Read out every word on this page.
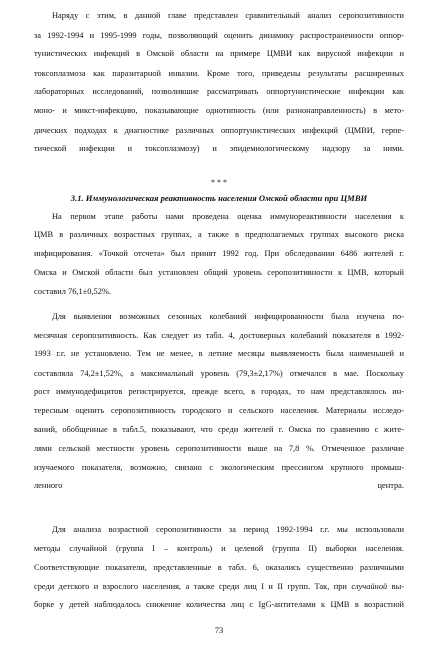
Наряду с этим, в данной главе представлен сравнительный анализ серопозитивности
за 1992-1994 и 1995-1999 годы, позволяющий оценить динамику распространенности оппор-
тунистических инфекций в Омской области на примере ЦМВИ как вирусной инфекции и
токсоплазмоза как паразитарной инвазии. Кроме того, приведены результаты расширенных
лабораторных исследований, позволившие рассматривать оппортунистические инфекции как
моно- и микст-инфекцию, показывающие однотипность (или разнонаправленность) в мето-
дических подходах к диагностике различных оппортунистических инфекций (ЦМВИ, герпе-
тической инфекции и токсоплазмозу) и эпидемиологическому надзору за ними.
* * *
3.1. Иммунологическая реактивность населения Омской области при ЦМВИ
На первом этапе работы нами проведена оценка иммунореактивности населения к
ЦМВ в различных возрастных группах, а также в предполагаемых группах высокого риска
инфицирования. «Точкой отсчета» был принят 1992 год. При обследовании 6486 жителей г.
Омска и Омской области был установлен общий уровень серопозитивности к ЦМВ, который
составил 76,1±0,52%.
Для выявления возможных сезонных колебаний инфицированности была изучена по-
месячная серопозитивность. Как следует из табл. 4, достоверных колебаний показателя в 1992-
1993 г.г. не установлено. Тем не менее, в летние месяцы выявляемость была наименьшей и
составляла 74,2±1,52%, а максимальный уровень (79,3±2,17%) отмечался в мае. Поскольку
рост иммунодефицитов регистрируется, прежде всего, в городах, то нам представлялось ин-
тересным оценить серопозитивность городского и сельского населения. Материалы исследо-
ваний, обобщенные в табл.5, показывают, что среди жителей г. Омска по сравнению с жите-
лями сельской местности уровень серопозитивности выше на 7,8 %. Отмеченное различие
изучаемого показателя, возможно, связано с экологическим прессингом крупного промыш-
ленного центра.
Для анализа возрастной серопозитивности за период 1992-1994 г.г. мы использовали
методы случайной (группа I – контроль) и целевой (группа II) выборки населения.
Соответствующие показатели, представленные в табл. 6, оказались существенно различными
среди детского и взрослого населения, а также среди лиц I и II групп. Так, при случайной вы-
борке у детей наблюдалось снижение количества лиц с IgG-антителами к ЦМВ в возрастной
73
